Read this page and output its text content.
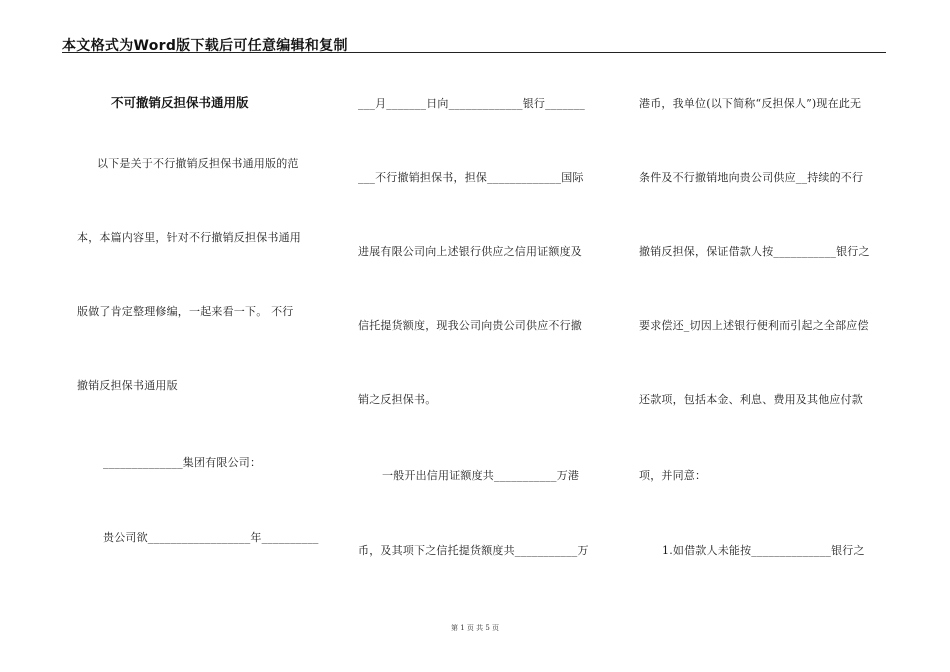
本文格式为Word版下载后可任意编辑和复制
不可撤销反担保书通用版
以下是关于不行撤销反担保书通用版的范
本，本篇内容里，针对不行撤销反担保书通用
版做了肯定整理修编，一起来看一下。 不行
撤销反担保书通用版
______________集团有限公司：
贵公司欲__________________年__________
___月_______日向_____________银行_______
___不行撤销担保书，担保_____________国际
进展有限公司向上述银行供应之信用证额度及
信托提货额度，现我公司向贵公司供应不行撤
销之反担保书。
一般开出信用证额度共___________万港
币，及其项下之信托提货额度共___________万
港币，我单位(以下简称“反担保人”)现在此无
条件及不行撤销地向贵公司供应__持续的不行
撤销反担保，保证借款人按___________银行之
要求偿还_切因上述银行便利而引起之全部应偿
还款项，包括本金、利息、费用及其他应付款
项，并同意：
1.如借款人未能按______________银行之
第 1 页 共 5 页
